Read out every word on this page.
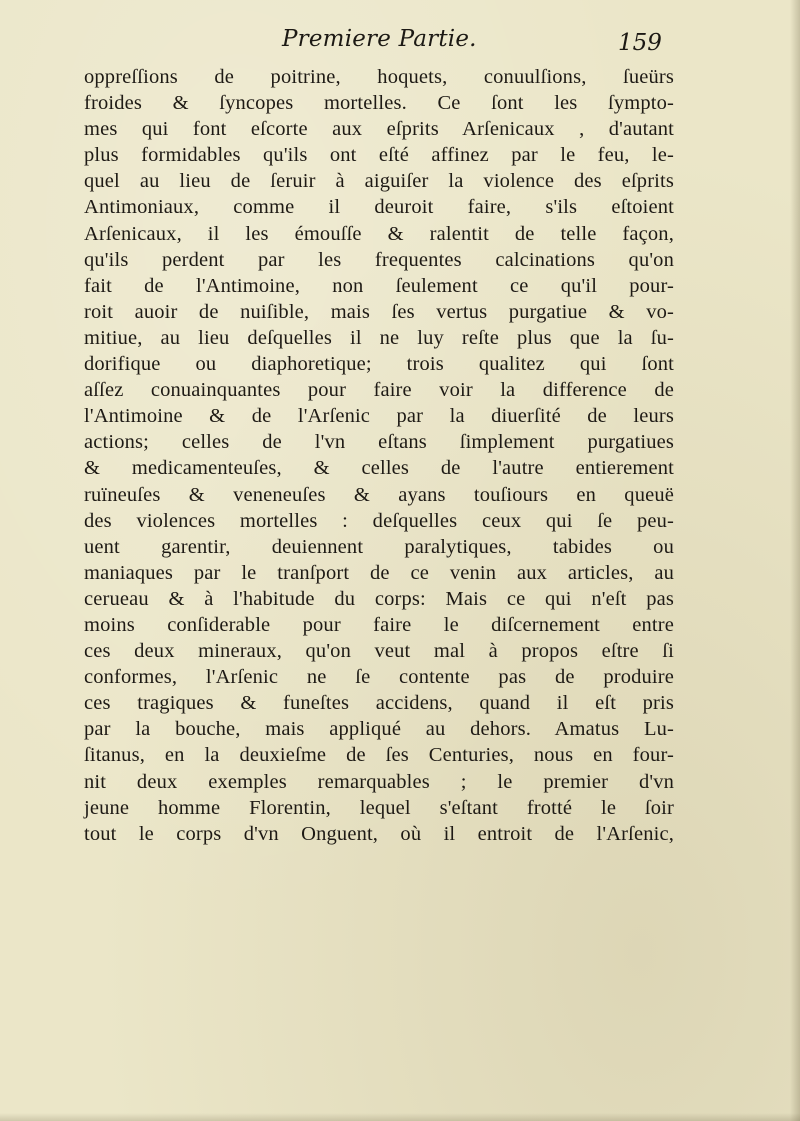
Premiere Partie.	159
oppreſſions de poitrine, hoquets, conuulſions, ſueürs
froides & ſyncopes mortelles. Ce ſont les ſympto-
mes qui font eſcorte aux eſprits Arſenicaux , d'autant
plus formidables qu'ils ont eſté affinez par le feu, le-
quel au lieu de ſeruir à aiguiſer la violence des eſprits
Antimoniaux, comme il deuroit faire, s'ils eſtoient
Arſenicaux, il les émouſſe & ralentit de telle façon,
qu'ils perdent par les frequentes calcinations qu'on
fait de l'Antimoine, non ſeulement ce qu'il pour-
roit auoir de nuiſible, mais ſes vertus purgatiue & vo-
mitiue, au lieu deſquelles il ne luy reſte plus que la ſu-
dorifique ou diaphoretique; trois qualitez qui ſont
aſſez conuainquantes pour faire voir la difference de
l'Antimoine & de l'Arſenic par la diuerſité de leurs
actions; celles de l'vn eſtans ſimplement purgatiues
& medicamenteuſes, & celles de l'autre entierement
ruïneuſes & veneneuſes & ayans touſiours en queuë
des violences mortelles : deſquelles ceux qui ſe peu-
uent garentir, deuiennent paralytiques, tabides ou
maniaques par le tranſport de ce venin aux articles, au
cerueau & à l'habitude du corps: Mais ce qui n'eſt pas
moins conſiderable pour faire le diſcernement entre
ces deux mineraux, qu'on veut mal à propos eſtre ſi
conformes, l'Arſenic ne ſe contente pas de produire
ces tragiques & funeſtes accidens, quand il eſt pris
par la bouche, mais appliqué au dehors. Amatus Lu-
ſitanus, en la deuxieſme de ſes Centuries, nous en four-
nit deux exemples remarquables ; le premier d'vn
jeune homme Florentin, lequel s'eſtant frotté le ſoir
tout le corps d'vn Onguent, où il entroit de l'Arſenic,
